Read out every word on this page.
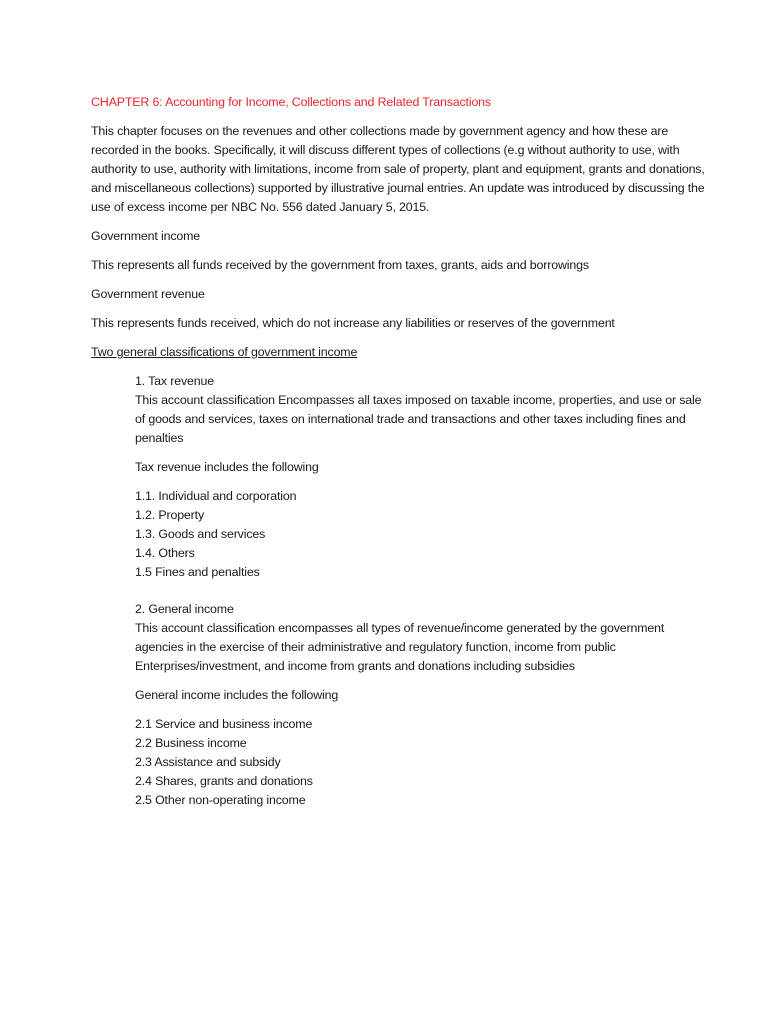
CHAPTER 6: Accounting for Income, Collections and Related Transactions
This chapter focuses on the revenues and other collections made by government agency and how these are recorded in the books. Specifically, it will discuss different types of collections (e.g without authority to use, with authority to use, authority with limitations, income from sale of property, plant and equipment, grants and donations, and miscellaneous collections) supported by illustrative journal entries. An update was introduced by discussing the use of excess income per NBC No. 556 dated January 5, 2015.
Government income
This represents all funds received by the government from taxes, grants, aids and borrowings
Government revenue
This represents funds received, which do not increase any liabilities or reserves of the government
Two general classifications of government income
1. Tax revenue
This account classification Encompasses all taxes imposed on taxable income, properties, and use or sale of goods and services, taxes on international trade and transactions and other taxes including fines and penalties
Tax revenue includes the following
1.1. Individual and corporation
1.2. Property
1.3. Goods and services
1.4. Others
1.5 Fines and penalties
2. General income
This account classification encompasses all types of revenue/income generated by the government agencies in the exercise of their administrative and regulatory function, income from public Enterprises/investment, and income from grants and donations including subsidies
General income includes the following
2.1 Service and business income
2.2 Business income
2.3 Assistance and subsidy
2.4 Shares, grants and donations
2.5 Other non-operating income
